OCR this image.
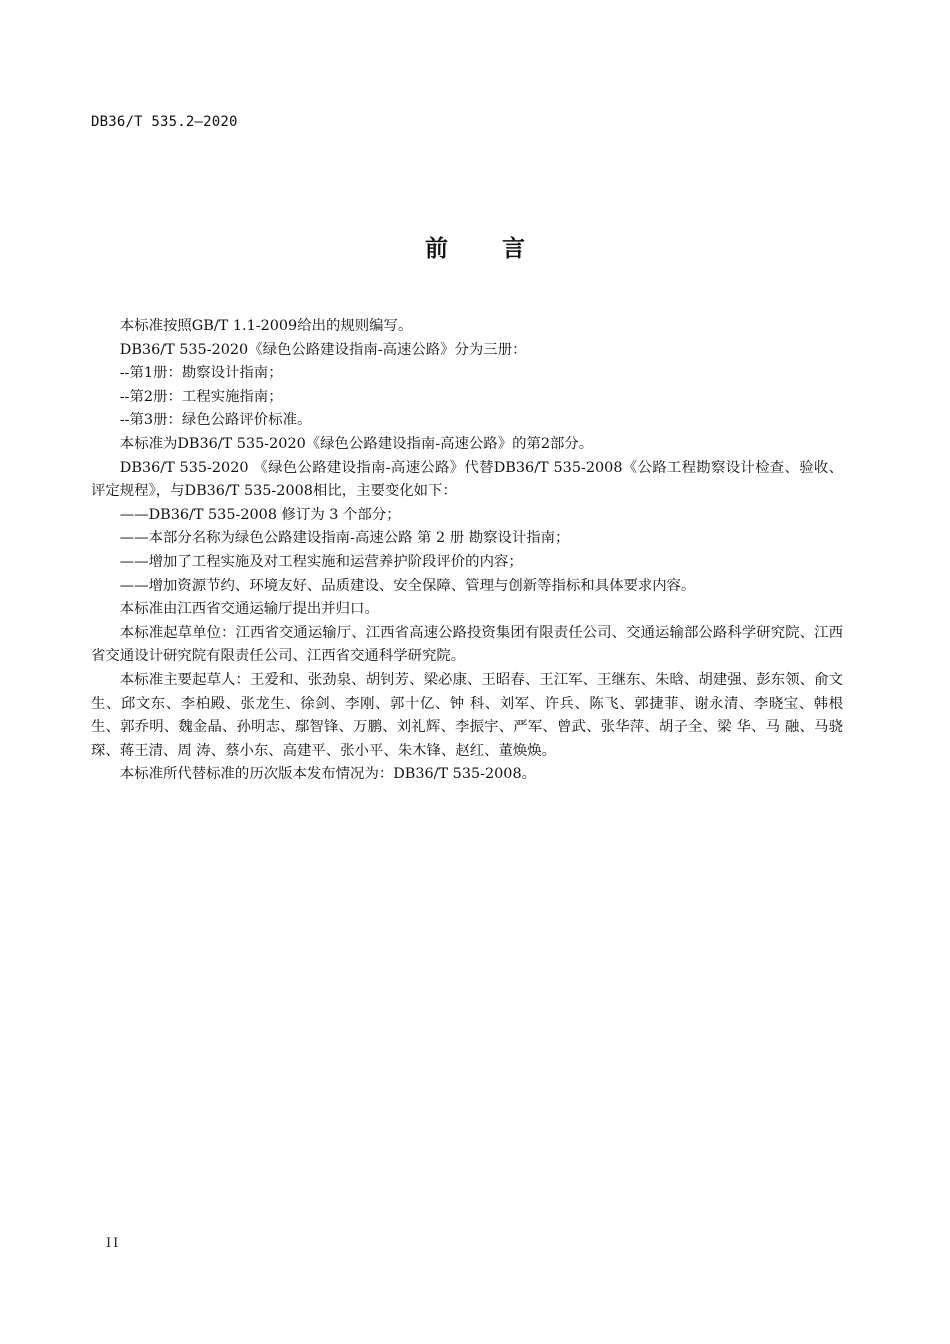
DB36/T 535.2—2020
前言

本标准按照GB/T 1.1-2009给出的规则编写。

DB36/T 535-2020《绿色公路建设指南-高速公路》分为三册：

--第1册：勘察设计指南；

--第2册：工程实施指南；

--第3册：绿色公路评价标准。

本标准为DB36/T 535-2020《绿色公路建设指南-高速公路》的第2部分。

DB36/T 535-2020 《绿色公路建设指南-高速公路》代替DB36/T 535-2008《公路工程勘察设计检查、验收、评定规程》，与DB36/T 535-2008相比，主要变化如下：

——DB36/T 535-2008 修订为 3 个部分；

——本部分名称为绿色公路建设指南-高速公路 第 2 册 勘察设计指南；

——增加了工程实施及对工程实施和运营养护阶段评价的内容；

——增加资源节约、环境友好、品质建设、安全保障、管理与创新等指标和具体要求内容。

本标准由江西省交通运输厅提出并归口。

本标准起草单位：江西省交通运输厅、江西省高速公路投资集团有限责任公司、交通运输部公路科学研究院、江西省交通设计研究院有限责任公司、江西省交通科学研究院。

本标准主要起草人：王爱和、张劲泉、胡钊芳、梁必康、王昭春、王江军、王继东、朱晗、胡建强、彭东领、俞文生、邱文东、李柏殿、张龙生、徐剑、李刚、郭十亿、钟 科、刘军、许兵、陈飞、郭捷菲、谢永清、李晓宝、韩根生、郭乔明、魏金晶、孙明志、鄢智锋、万鹏、刘礼辉、李振宇、严军、曾武、张华萍、胡子全、梁 华、马 融、马骁琛、蒋王清、周 涛、蔡小东、高建平、张小平、朱木锋、赵红、董焕焕。

本标准所代替标准的历次版本发布情况为：DB36/T 535-2008。

II
